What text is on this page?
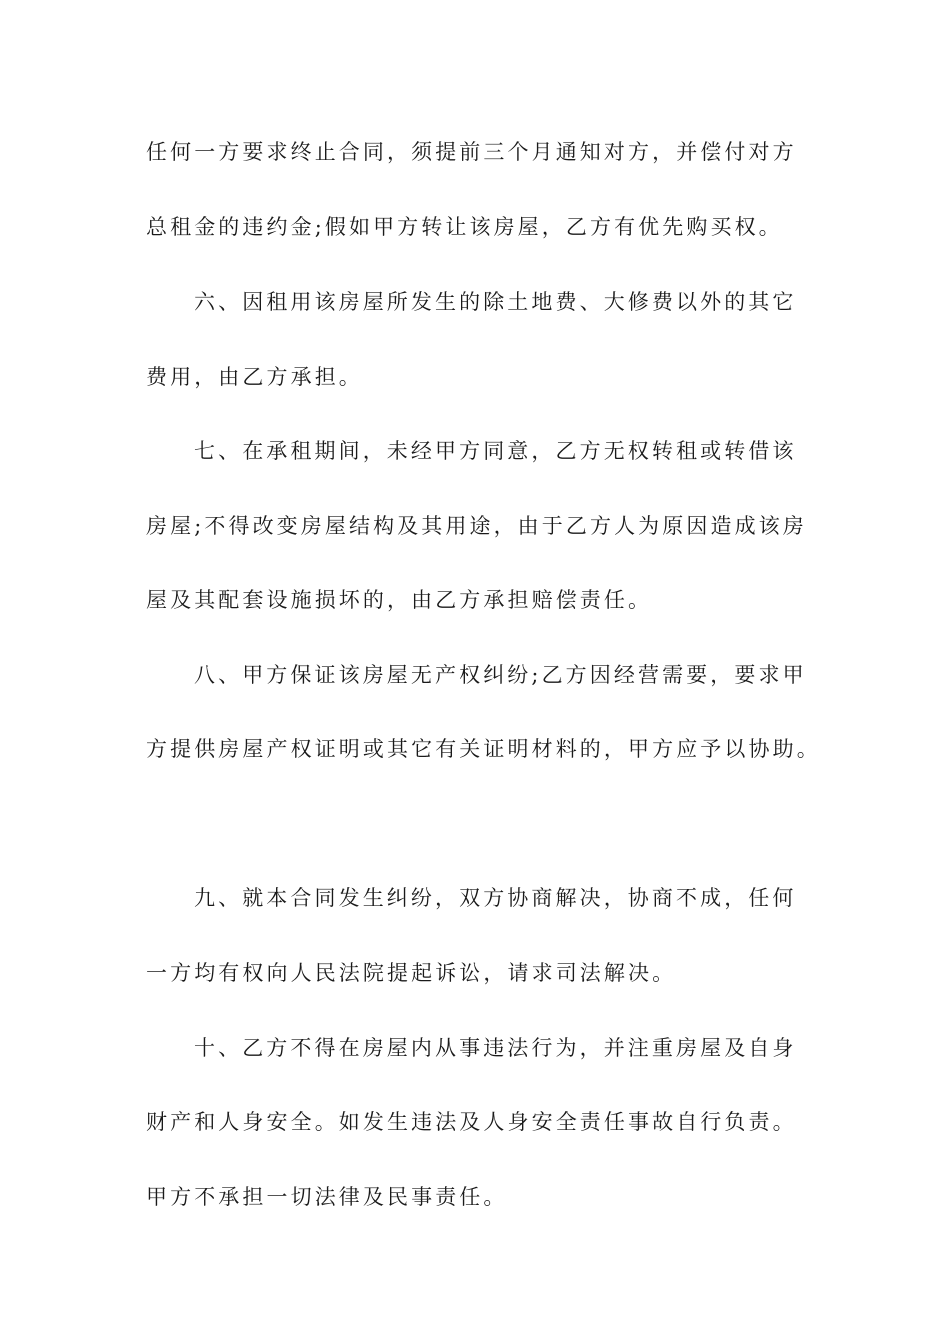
任何一方要求终止合同，须提前三个月通知对方，并偿付对方
总租金的违约金;假如甲方转让该房屋，乙方有优先购买权。
六、因租用该房屋所发生的除土地费、大修费以外的其它
费用，由乙方承担。
七、在承租期间，未经甲方同意，乙方无权转租或转借该
房屋;不得改变房屋结构及其用途，由于乙方人为原因造成该房
屋及其配套设施损坏的，由乙方承担赔偿责任。
八、甲方保证该房屋无产权纠纷;乙方因经营需要，要求甲
方提供房屋产权证明或其它有关证明材料的，甲方应予以协助。
九、就本合同发生纠纷，双方协商解决，协商不成，任何
一方均有权向人民法院提起诉讼，请求司法解决。
十、乙方不得在房屋内从事违法行为，并注重房屋及自身
财产和人身安全。如发生违法及人身安全责任事故自行负责。
甲方不承担一切法律及民事责任。
